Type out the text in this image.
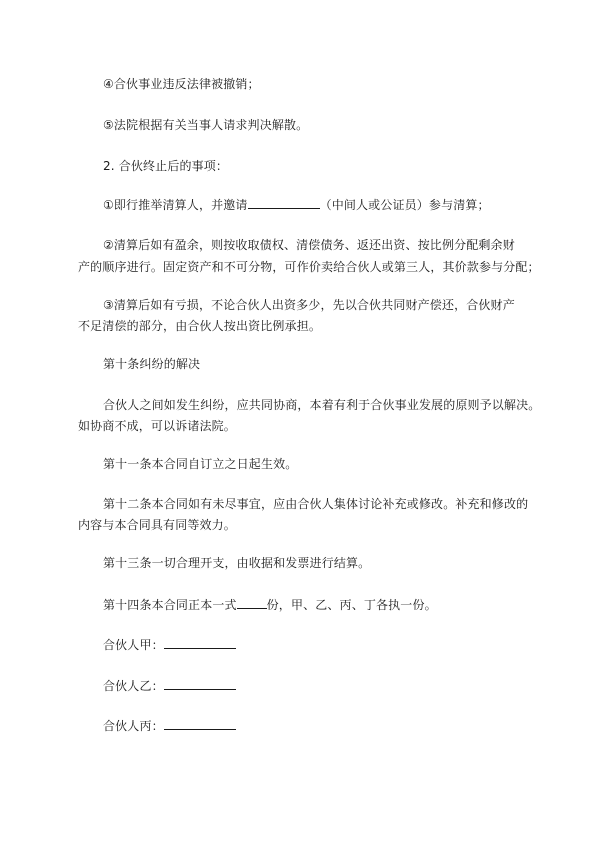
④合伙事业违反法律被撤销；
⑤法院根据有关当事人请求判决解散。
2. 合伙终止后的事项：
①即行推举清算人，并邀请	（中间人或公证员）参与清算；
②清算后如有盈余，则按收取债权、清偿债务、返还出资、按比例分配剩余财
产的顺序进行。固定资产和不可分物，可作价卖给合伙人或第三人，其价款参与分配；
③清算后如有亏损，不论合伙人出资多少，先以合伙共同财产偿还，合伙财产
不足清偿的部分，由合伙人按出资比例承担。
第十条纠纷的解决
合伙人之间如发生纠纷，应共同协商，本着有利于合伙事业发展的原则予以解决。
如协商不成，可以诉诸法院。
第十一条本合同自订立之日起生效。
第十二条本合同如有未尽事宜，应由合伙人集体讨论补充或修改。补充和修改的
内容与本合同具有同等效力。
第十三条一切合理开支，由收据和发票进行结算。
第十四条本合同正本一式	份，甲、乙、丙、丁各执一份。
合伙人甲：
合伙人乙：
合伙人丙：
